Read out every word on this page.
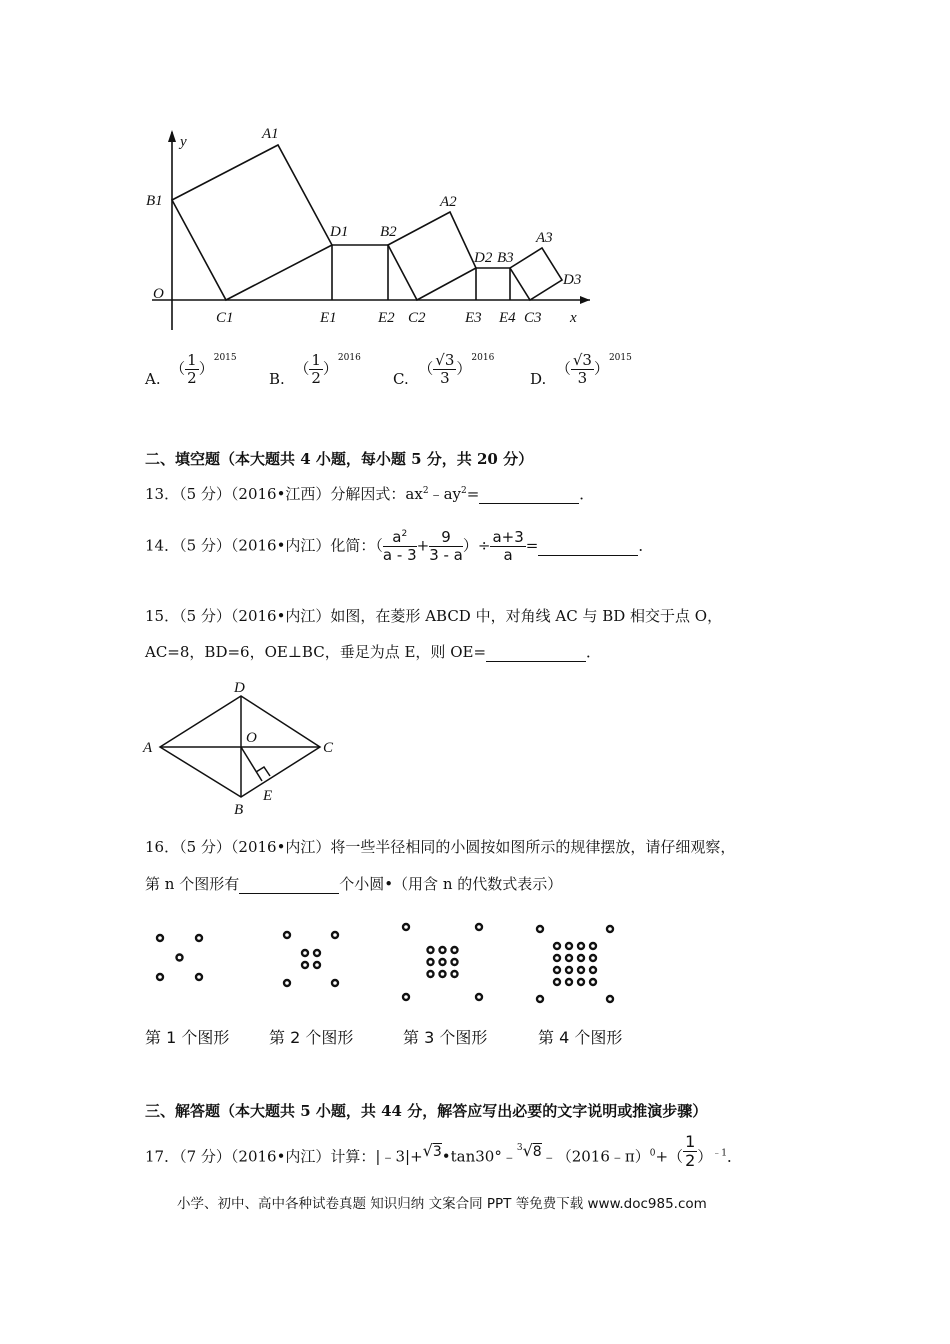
y
x
O
A1
B1
C1
D1
E1
B2
E2
A2
C2
D2 B3
A3
E3 E4 C3
D3
A.  （ $\frac{1}{2} )^{2015}$
B.  （ $\frac{1}{2} )^{2016}$
C.  （ $\frac{√3}{3} )^{2016}$
D.  （ $\frac{√3}{3} )^{2015}$
二、填空题（本大题共 4 小题，每小题 5 分，共 20 分）
13．（5 分）（2016•江西）分解因式：$ax^2﹣ay^2=$	．
14．（5 分）（2016•内江）化简：（ $\frac{a^2}{a - 3} + \frac{9}{3 - a}$ ）÷ $\frac{a+3}{a}$ =	．
15．（5 分）（2016•内江）如图，在菱形 ABCD 中，对角线 AC 与 BD 相交于点 O，
AC=8，BD=6，OE⊥BC，垂足为点 E，则 OE=	．
D
A	C
O
B
E
16．（5 分）（2016•内江）将一些半径相同的小圆按如图所示的规律摆放，请仔细观察，
第 n 个图形有	个小圆•（用含 n 的代数式表示）
第 1 个图形 第 2 个图形	第 3 个图形	第 4 个图形
三、解答题（本大题共 5 小题，共 44 分，解答应写出必要的文字说明或推演步骤）
17．（7 分）（2016•内江）计算：|﹣3|+√3•tan30°﹣$^3$√8﹣（2016﹣π）$^0$+（ $\frac{1}{2} )^{﹣1}$．
小学、初中、高中各种试卷真题 知识归纳 文案合同 PPT 等免费下载 www.doc985.com
